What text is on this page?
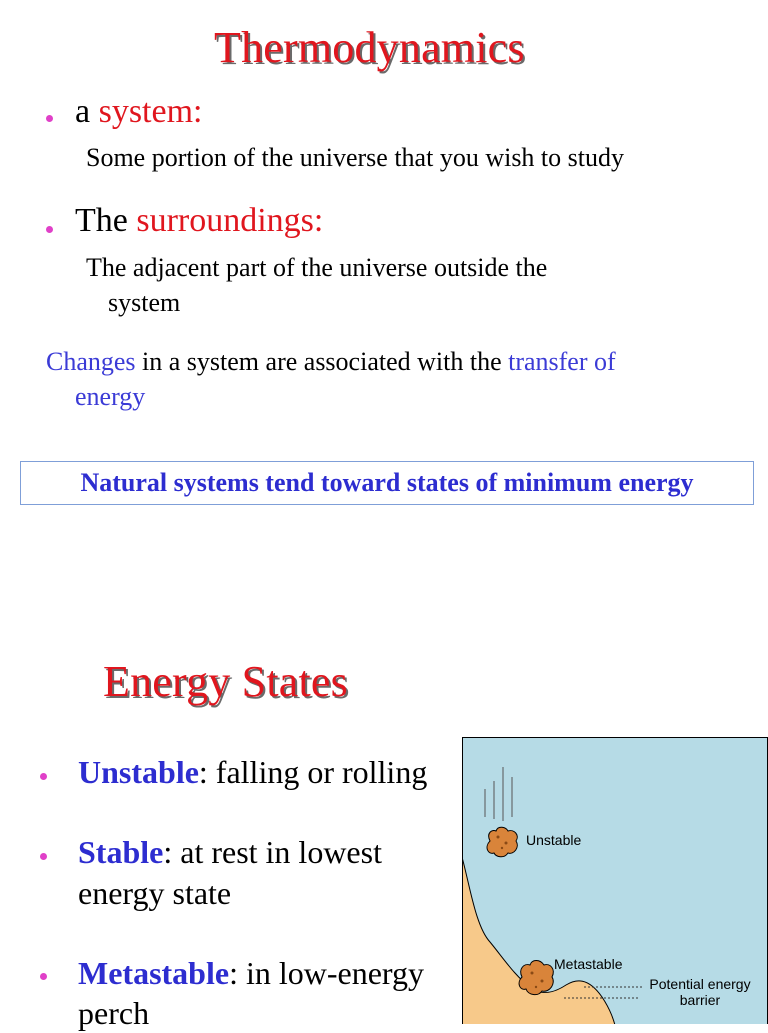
Thermodynamics
a system:
Some portion of the universe that you wish to study
The surroundings:
The adjacent part of the universe outside the
system
Changes in a system are associated with the transfer of
energy
Natural systems tend toward states of minimum energy
Energy States
Unstable: falling or rolling
Stable: at rest in lowest
energy state
Metastable: in low-energy
perch
Unstable
Metastable
Potential energy
barrier
